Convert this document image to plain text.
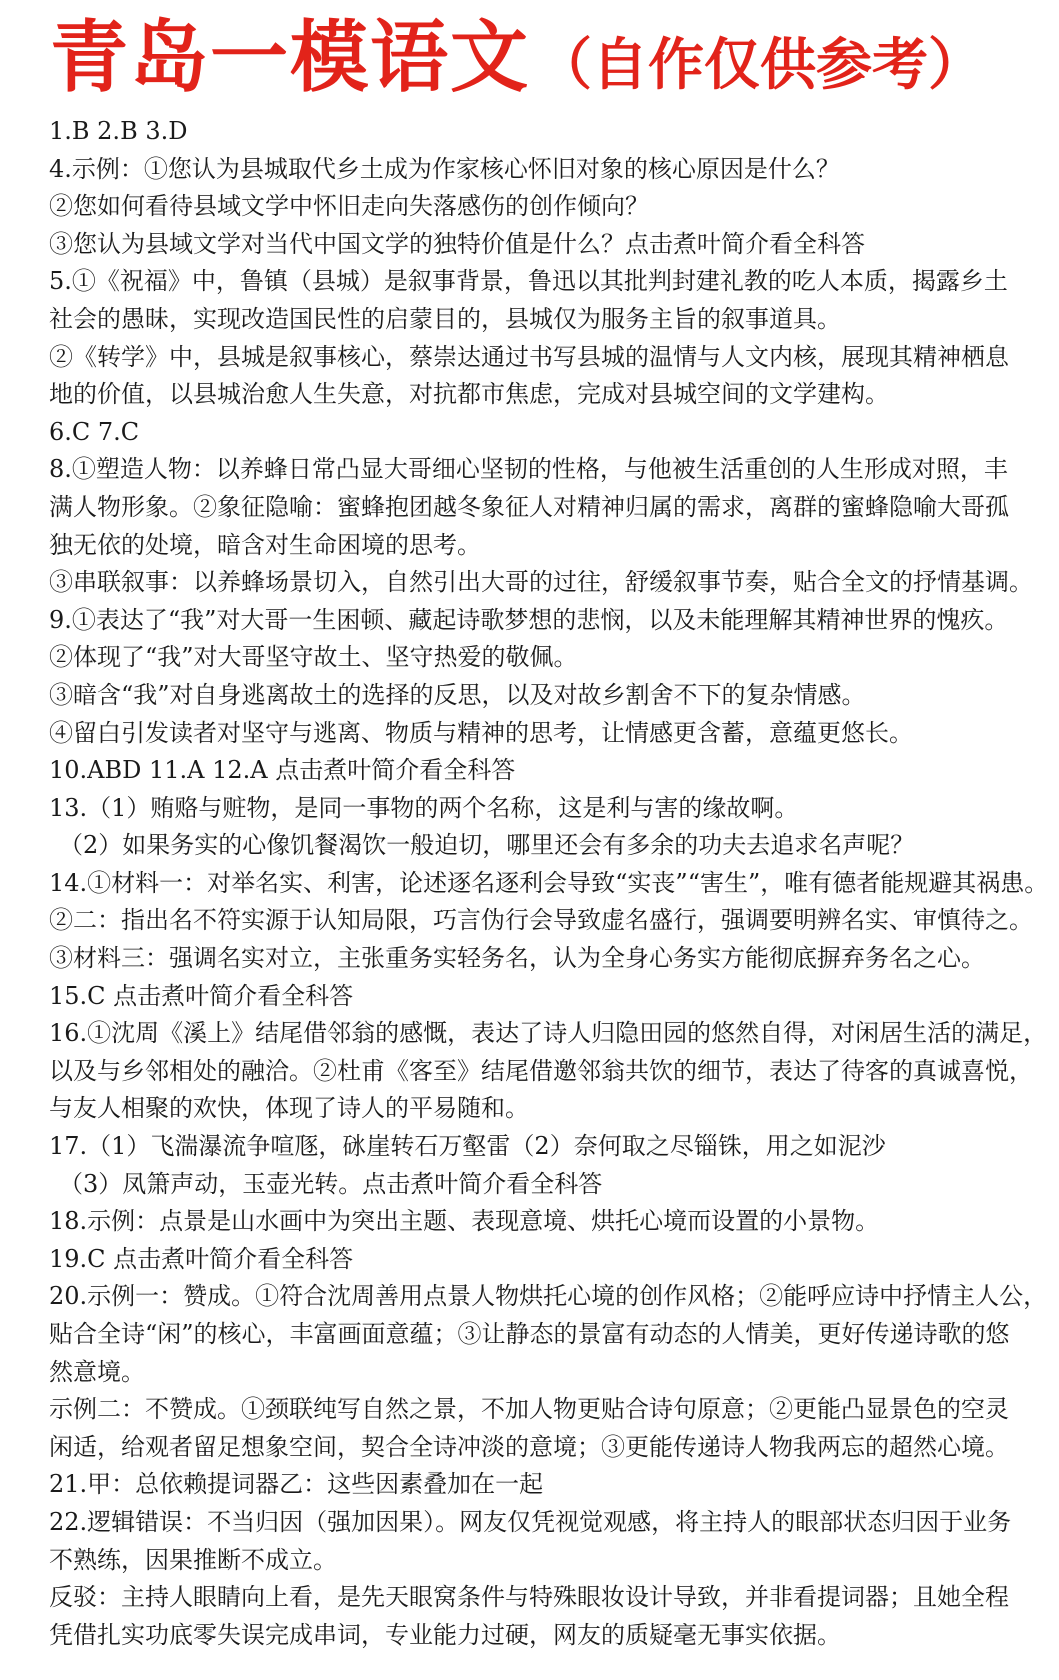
青岛一模语文 （自作仅供参考）
1.B 2.B 3.D
4.示例：①您认为县城取代乡土成为作家核心怀旧对象的核心原因是什么？
②您如何看待县域文学中怀旧走向失落感伤的创作倾向？
③您认为县域文学对当代中国文学的独特价值是什么？点击煮叶简介看全科答
5.①《祝福》中，鲁镇（县城）是叙事背景，鲁迅以其批判封建礼教的吃人本质，揭露乡土
社会的愚昧，实现改造国民性的启蒙目的，县城仅为服务主旨的叙事道具。
②《转学》中，县城是叙事核心，蔡崇达通过书写县城的温情与人文内核，展现其精神栖息
地的价值，以县城治愈人生失意，对抗都市焦虑，完成对县城空间的文学建构。
6.C 7.C
8.①塑造人物：以养蜂日常凸显大哥细心坚韧的性格，与他被生活重创的人生形成对照，丰
满人物形象。②象征隐喻：蜜蜂抱团越冬象征人对精神归属的需求，离群的蜜蜂隐喻大哥孤
独无依的处境，暗含对生命困境的思考。
③串联叙事：以养蜂场景切入，自然引出大哥的过往，舒缓叙事节奏，贴合全文的抒情基调。
9.①表达了“我”对大哥一生困顿、藏起诗歌梦想的悲悯，以及未能理解其精神世界的愧疚。
②体现了“我”对大哥坚守故土、坚守热爱的敬佩。
③暗含“我”对自身逃离故土的选择的反思，以及对故乡割舍不下的复杂情感。
④留白引发读者对坚守与逃离、物质与精神的思考，让情感更含蓄，意蕴更悠长。
10.ABD 11.A 12.A 点击煮叶简介看全科答
13.（1）贿赂与赃物，是同一事物的两个名称，这是利与害的缘故啊。
（2）如果务实的心像饥餐渴饮一般迫切，哪里还会有多余的功夫去追求名声呢？
14.①材料一：对举名实、利害，论述逐名逐利会导致“实丧”“害生”，唯有德者能规避其祸患。
②二：指出名不符实源于认知局限，巧言伪行会导致虚名盛行，强调要明辨名实、审慎待之。
③材料三：强调名实对立，主张重务实轻务名，认为全身心务实方能彻底摒弃务名之心。
15.C 点击煮叶简介看全科答
16.①沈周《溪上》结尾借邻翁的感慨，表达了诗人归隐田园的悠然自得，对闲居生活的满足，
以及与乡邻相处的融洽。②杜甫《客至》结尾借邀邻翁共饮的细节，表达了待客的真诚喜悦，
与友人相聚的欢快，体现了诗人的平易随和。
17.（1）飞湍瀑流争喧豗，砯崖转石万壑雷（2）奈何取之尽锱铢，用之如泥沙
（3）凤箫声动，玉壶光转。点击煮叶简介看全科答
18.示例：点景是山水画中为突出主题、表现意境、烘托心境而设置的小景物。
19.C 点击煮叶简介看全科答
20.示例一：赞成。①符合沈周善用点景人物烘托心境的创作风格；②能呼应诗中抒情主人公，
贴合全诗“闲”的核心，丰富画面意蕴；③让静态的景富有动态的人情美，更好传递诗歌的悠
然意境。
示例二：不赞成。①颈联纯写自然之景，不加人物更贴合诗句原意；②更能凸显景色的空灵
闲适，给观者留足想象空间，契合全诗冲淡的意境；③更能传递诗人物我两忘的超然心境。
21.甲：总依赖提词器乙：这些因素叠加在一起
22.逻辑错误：不当归因（强加因果）。网友仅凭视觉观感，将主持人的眼部状态归因于业务
不熟练，因果推断不成立。
反驳：主持人眼睛向上看，是先天眼窝条件与特殊眼妆设计导致，并非看提词器；且她全程
凭借扎实功底零失误完成串词，专业能力过硬，网友的质疑毫无事实依据。
